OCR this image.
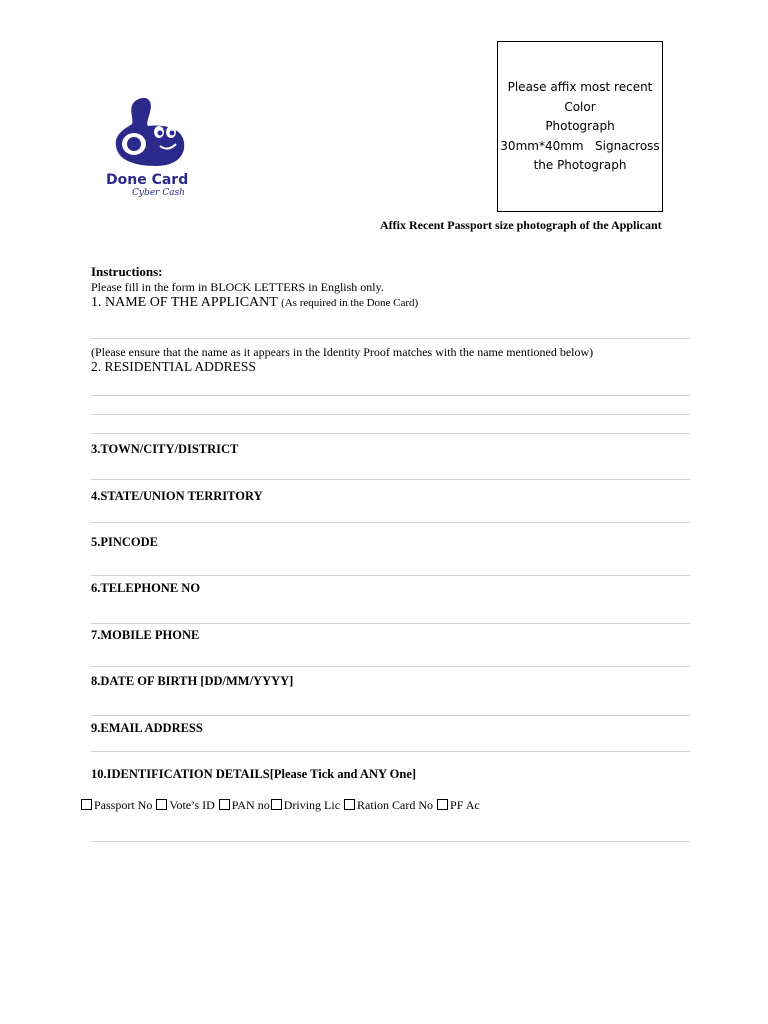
Done Card
Cyber Cash

Please affix most recent
Color
Photograph
30mm*40mm   Signacross
the Photograph

Affix Recent Passport size photograph of the Applicant
Instructions:
Please fill in the form in BLOCK LETTERS in English only.
1. NAME OF THE APPLICANT (As required in the Done Card)
(Please ensure that the name as it appears in the Identity Proof matches with the name mentioned below)
2. RESIDENTIAL ADDRESS
3.TOWN/CITY/DISTRICT
4.STATE/UNION TERRITORY
5.PINCODE
6.TELEPHONE NO
7.MOBILE PHONE
8.DATE OF BIRTH [DD/MM/YYYY]
9.EMAIL ADDRESS
10.IDENTIFICATION DETAILS[Please Tick and ANY One]
Passport No Vote’s ID PAN no Driving Lic Ration Card No PF Ac
